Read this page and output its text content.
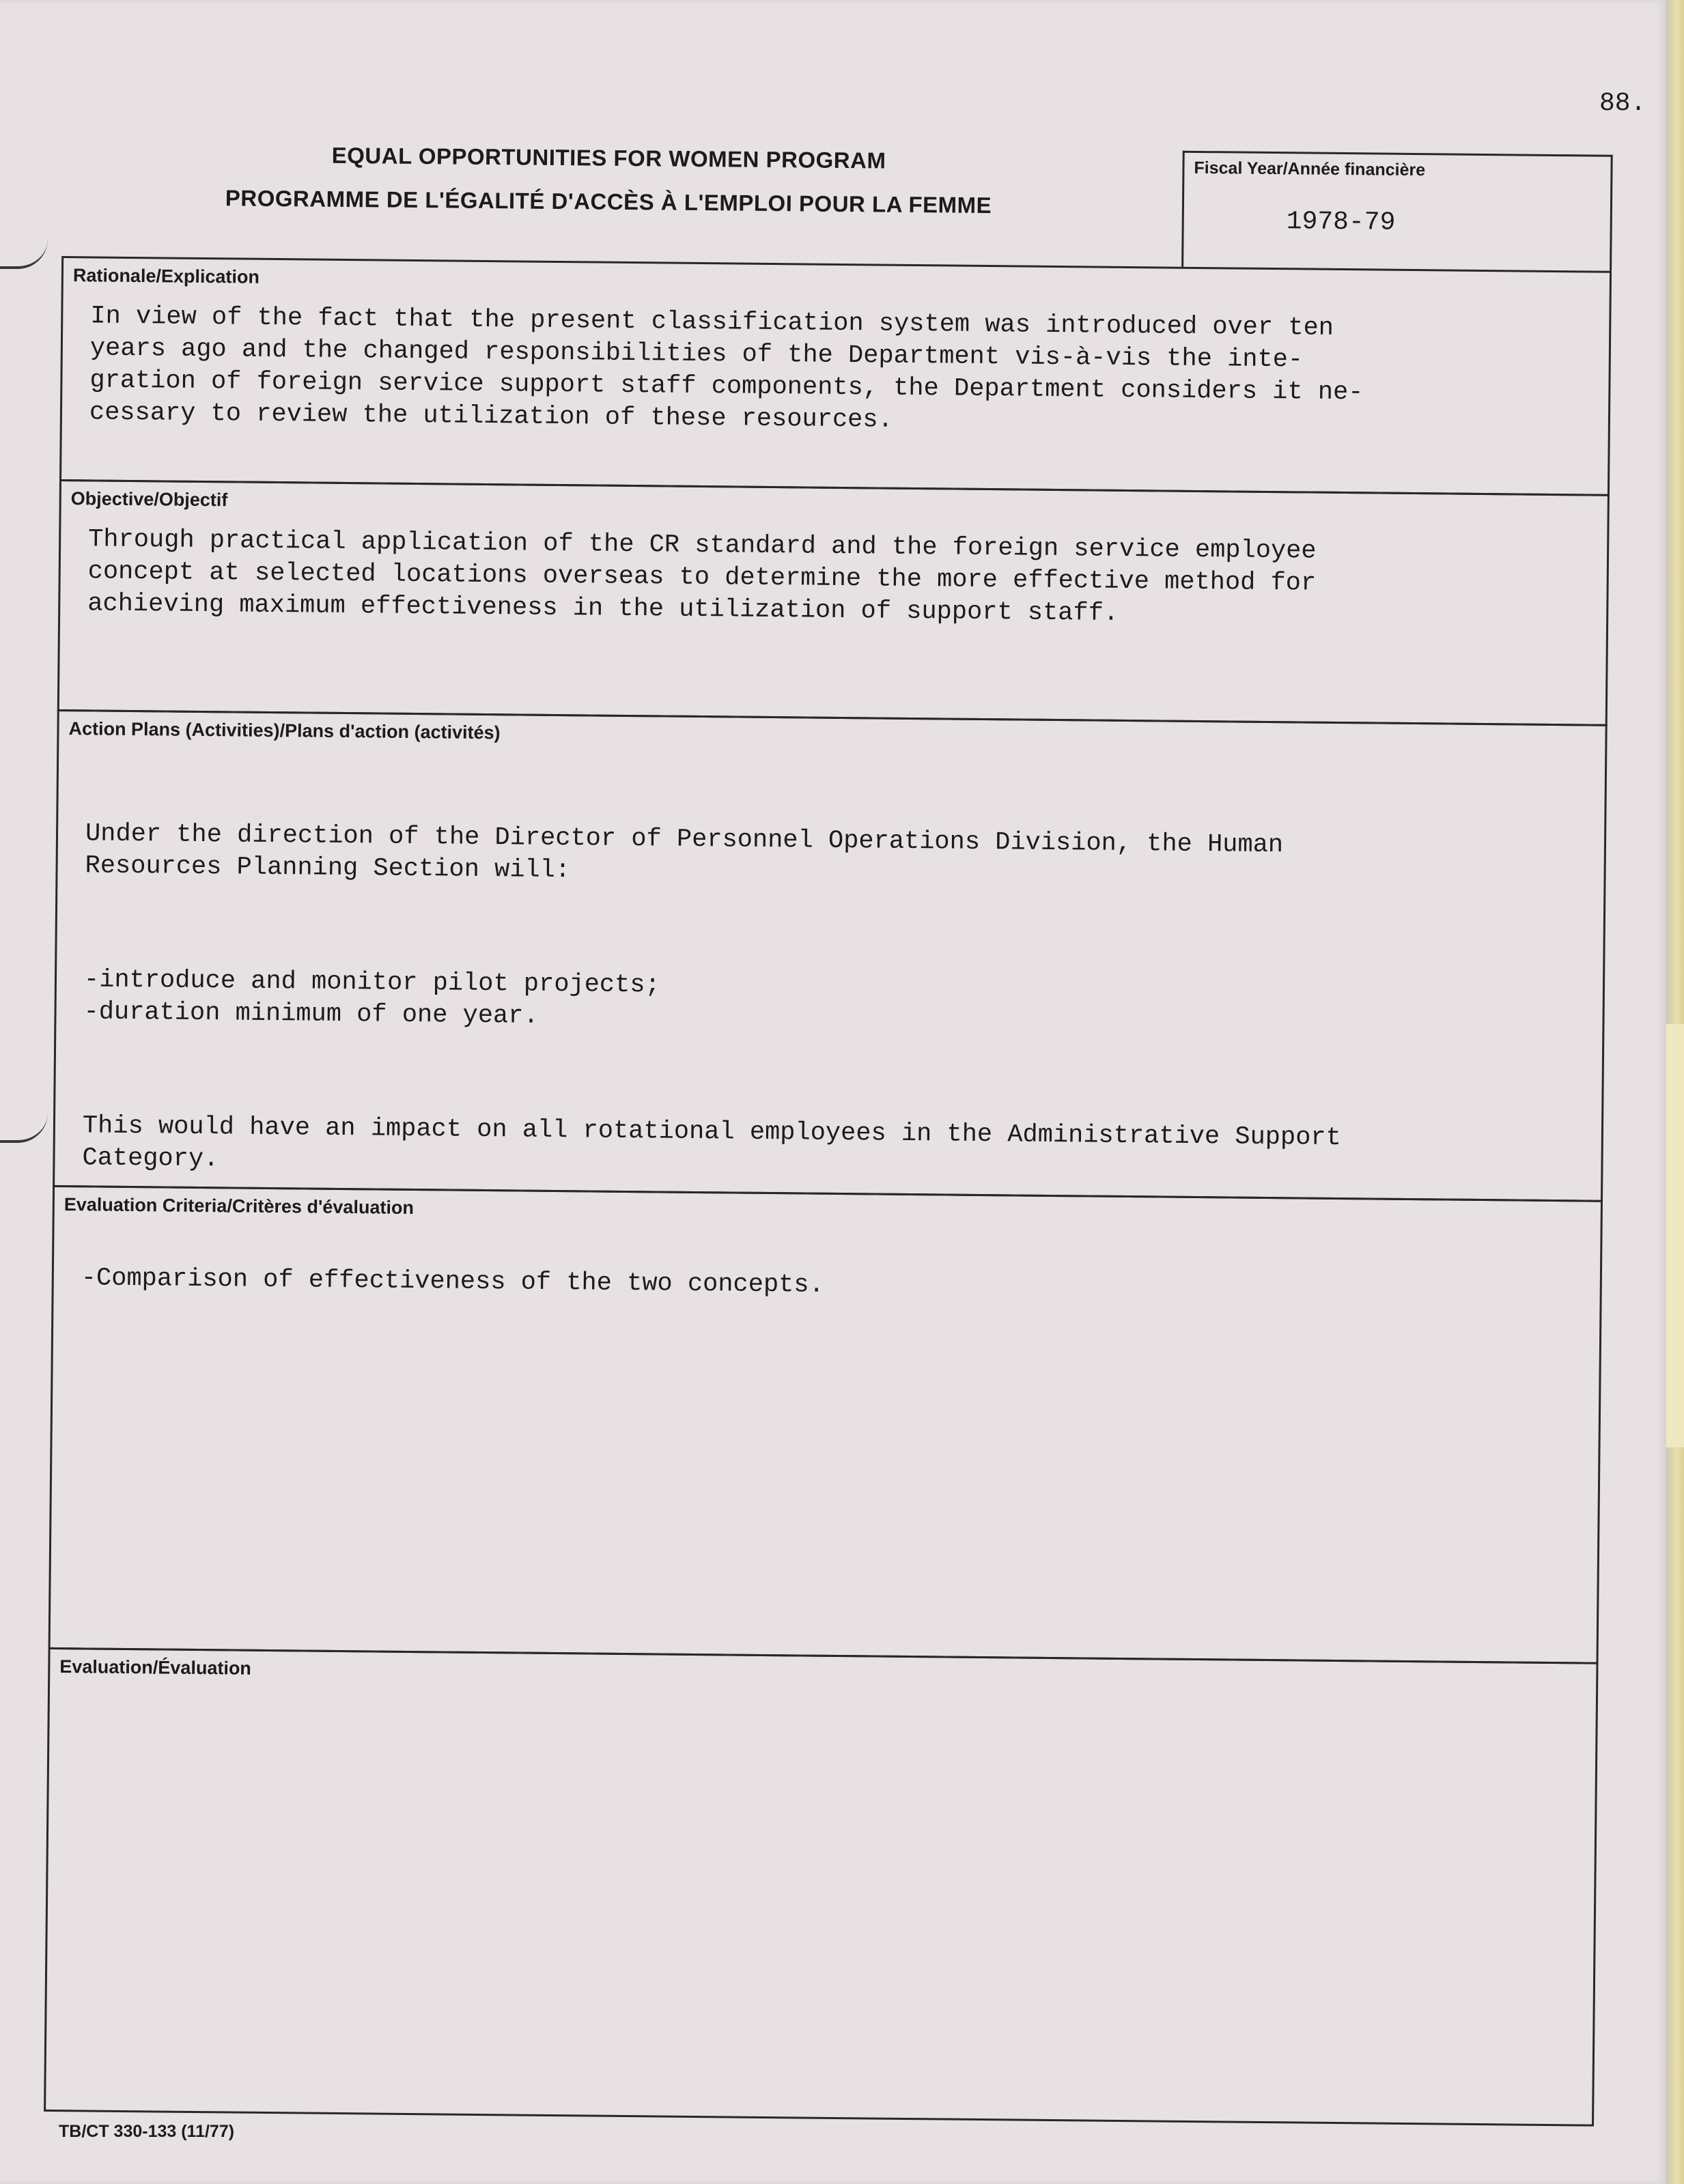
88.
EQUAL OPPORTUNITIES FOR WOMEN PROGRAM
PROGRAMME DE L'ÉGALITÉ D'ACCÈS À L'EMPLOI POUR LA FEMME
Fiscal Year/Année financière
1978-79
Rationale/Explication
In view of the fact that the present classification system was introduced over ten
years ago and the changed responsibilities of the Department vis-à-vis the inte-
gration of foreign service support staff components, the Department considers it ne-
cessary to review the utilization of these resources.
Objective/Objectif
Through practical application of the CR standard and the foreign service employee
concept at selected locations overseas to determine the more effective method for
achieving maximum effectiveness in the utilization of support staff.
Action Plans (Activities)/Plans d'action (activités)

Under the direction of the Director of Personnel Operations Division, the Human
Resources Planning Section will:

-introduce and monitor pilot projects;
-duration minimum of one year.

This would have an impact on all rotational employees in the Administrative Support
Category.

Evaluation Criteria/Critères d'évaluation
-Comparison of effectiveness of the two concepts.
Evaluation/Évaluation
TB/CT 330-133 (11/77)
